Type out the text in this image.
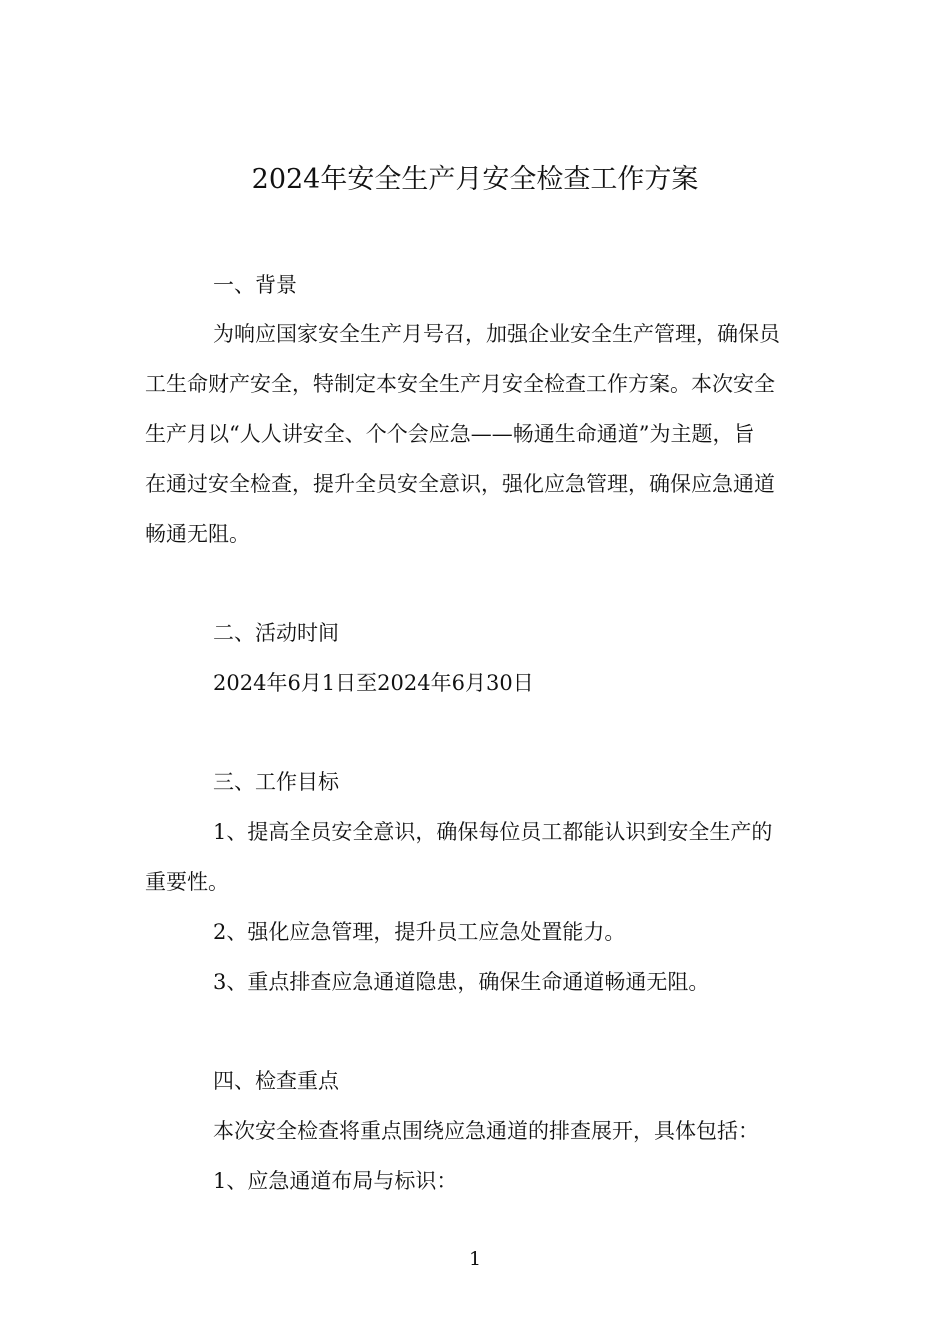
2024年安全生产月安全检查工作方案

一、背景

为响应国家安全生产月号召，加强企业安全生产管理，确保员

工生命财产安全，特制定本安全生产月安全检查工作方案。本次安全

生产月以“人人讲安全、个个会应急——畅通生命通道”为主题，旨

在通过安全检查，提升全员安全意识，强化应急管理，确保应急通道

畅通无阻。

二、活动时间

2024年6月1日至2024年6月30日

三、工作目标

1、提高全员安全意识，确保每位员工都能认识到安全生产的

重要性。

2、强化应急管理，提升员工应急处置能力。

3、重点排查应急通道隐患，确保生命通道畅通无阻。

四、检查重点

本次安全检查将重点围绕应急通道的排查展开，具体包括：

1、应急通道布局与标识：

1
